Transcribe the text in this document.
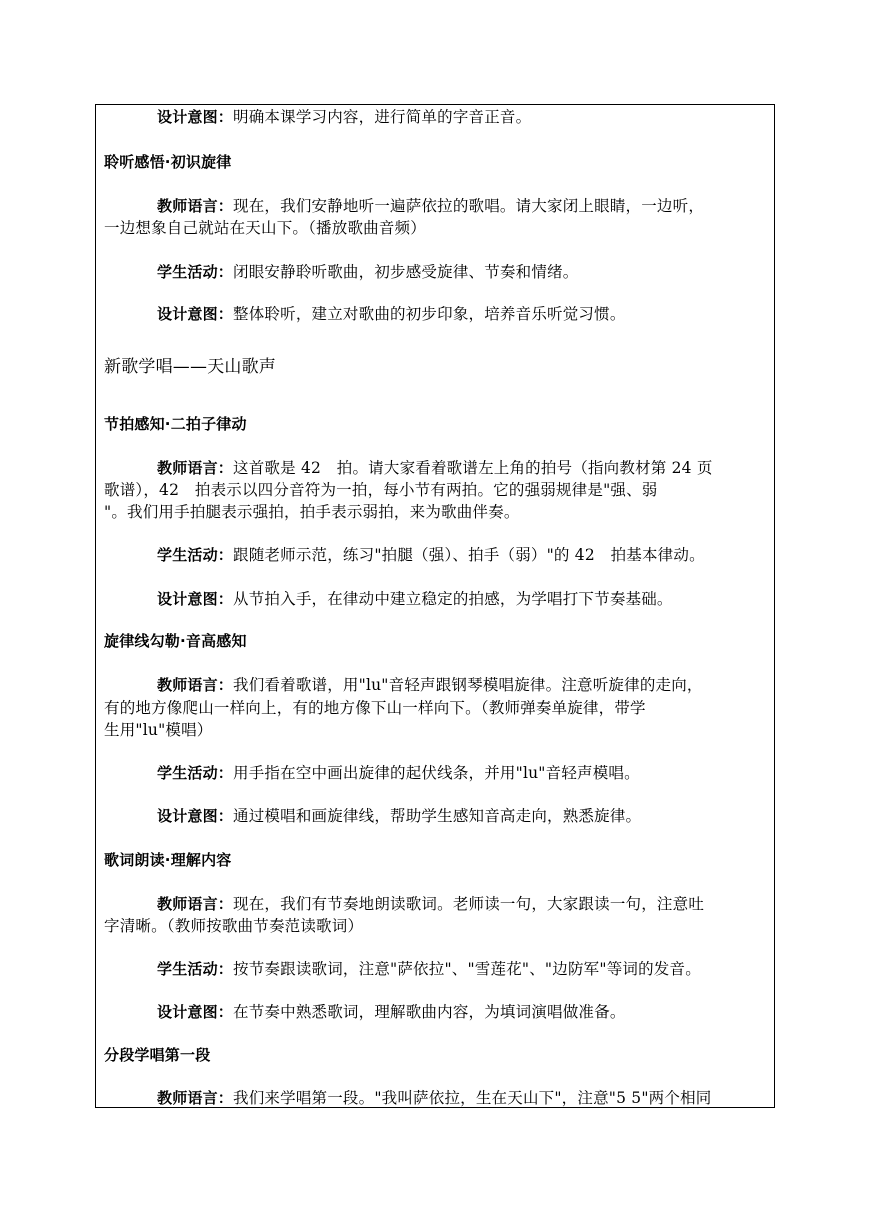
设计意图：明确本课学习内容，进行简单的字音正音。
聆听感悟·初识旋律
教师语言：现在，我们安静地听一遍萨依拉的歌唱。请大家闭上眼睛，一边听，
一边想象自己就站在天山下。（播放歌曲音频）
学生活动：闭眼安静聆听歌曲，初步感受旋律、节奏和情绪。
设计意图：整体聆听，建立对歌曲的初步印象，培养音乐听觉习惯。
新歌学唱——天山歌声
节拍感知·二拍子律动
教师语言：这首歌是 42　拍。请大家看着歌谱左上角的拍号（指向教材第 24 页
歌谱），42　拍表示以四分音符为一拍，每小节有两拍。它的强弱规律是"强、弱
"。我们用手拍腿表示强拍，拍手表示弱拍，来为歌曲伴奏。
学生活动：跟随老师示范，练习"拍腿（强）、拍手（弱）"的 42　拍基本律动。
设计意图：从节拍入手，在律动中建立稳定的拍感，为学唱打下节奏基础。
旋律线勾勒·音高感知
教师语言：我们看着歌谱，用"lu"音轻声跟钢琴模唱旋律。注意听旋律的走向，
有的地方像爬山一样向上，有的地方像下山一样向下。（教师弹奏单旋律，带学
生用"lu"模唱）
学生活动：用手指在空中画出旋律的起伏线条，并用"lu"音轻声模唱。
设计意图：通过模唱和画旋律线，帮助学生感知音高走向，熟悉旋律。
歌词朗读·理解内容
教师语言：现在，我们有节奏地朗读歌词。老师读一句，大家跟读一句，注意吐
字清晰。（教师按歌曲节奏范读歌词）
学生活动：按节奏跟读歌词，注意"萨依拉"、"雪莲花"、"边防军"等词的发音。
设计意图：在节奏中熟悉歌词，理解歌曲内容，为填词演唱做准备。
分段学唱第一段
教师语言：我们来学唱第一段。"我叫萨依拉，生在天山下"，注意"5 5"两个相同
